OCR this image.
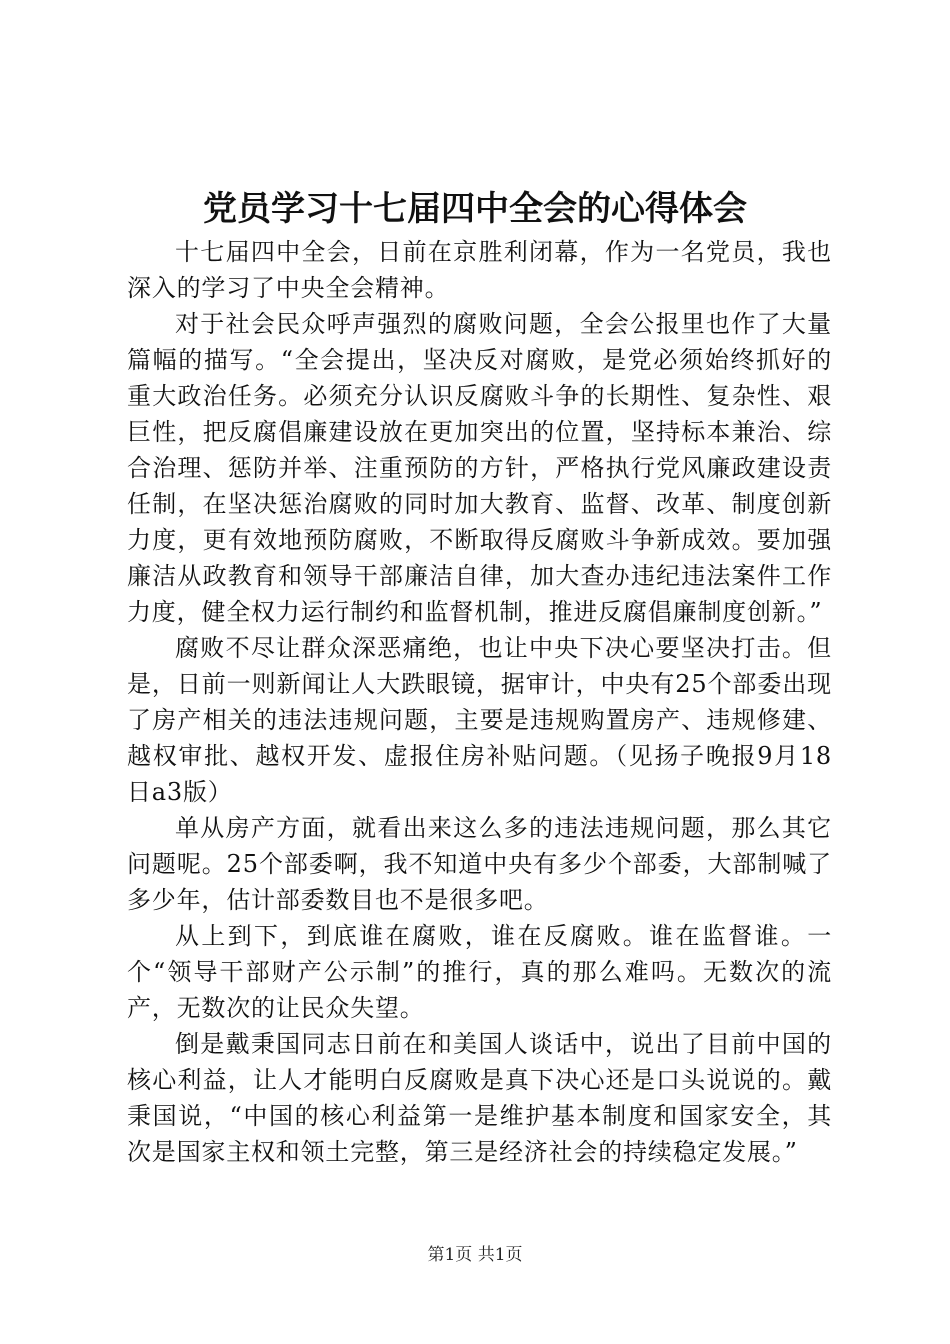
党员学习十七届四中全会的心得体会

十七届四中全会，日前在京胜利闭幕，作为一名党员，我也深入的学习了中央全会精神。

对于社会民众呼声强烈的腐败问题，全会公报里也作了大量篇幅的描写。“全会提出，坚决反对腐败，是党必须始终抓好的重大政治任务。必须充分认识反腐败斗争的长期性、复杂性、艰巨性，把反腐倡廉建设放在更加突出的位置，坚持标本兼治、综合治理、惩防并举、注重预防的方针，严格执行党风廉政建设责任制，在坚决惩治腐败的同时加大教育、监督、改革、制度创新力度，更有效地预防腐败，不断取得反腐败斗争新成效。要加强廉洁从政教育和领导干部廉洁自律，加大查办违纪违法案件工作力度，健全权力运行制约和监督机制，推进反腐倡廉制度创新。”

腐败不尽让群众深恶痛绝，也让中央下决心要坚决打击。但是，日前一则新闻让人大跌眼镜，据审计，中央有25个部委出现了房产相关的违法违规问题，主要是违规购置房产、违规修建、越权审批、越权开发、虚报住房补贴问题。（见扬子晚报9月18日a3版）

单从房产方面，就看出来这么多的违法违规问题，那么其它问题呢。25个部委啊，我不知道中央有多少个部委，大部制喊了多少年，估计部委数目也不是很多吧。

从上到下，到底谁在腐败，谁在反腐败。谁在监督谁。一个“领导干部财产公示制”的推行，真的那么难吗。无数次的流产，无数次的让民众失望。

倒是戴秉国同志日前在和美国人谈话中，说出了目前中国的核心利益，让人才能明白反腐败是真下决心还是口头说说的。戴秉国说，“中国的核心利益第一是维护基本制度和国家安全，其次是国家主权和领土完整，第三是经济社会的持续稳定发展。”

第1页 共1页
